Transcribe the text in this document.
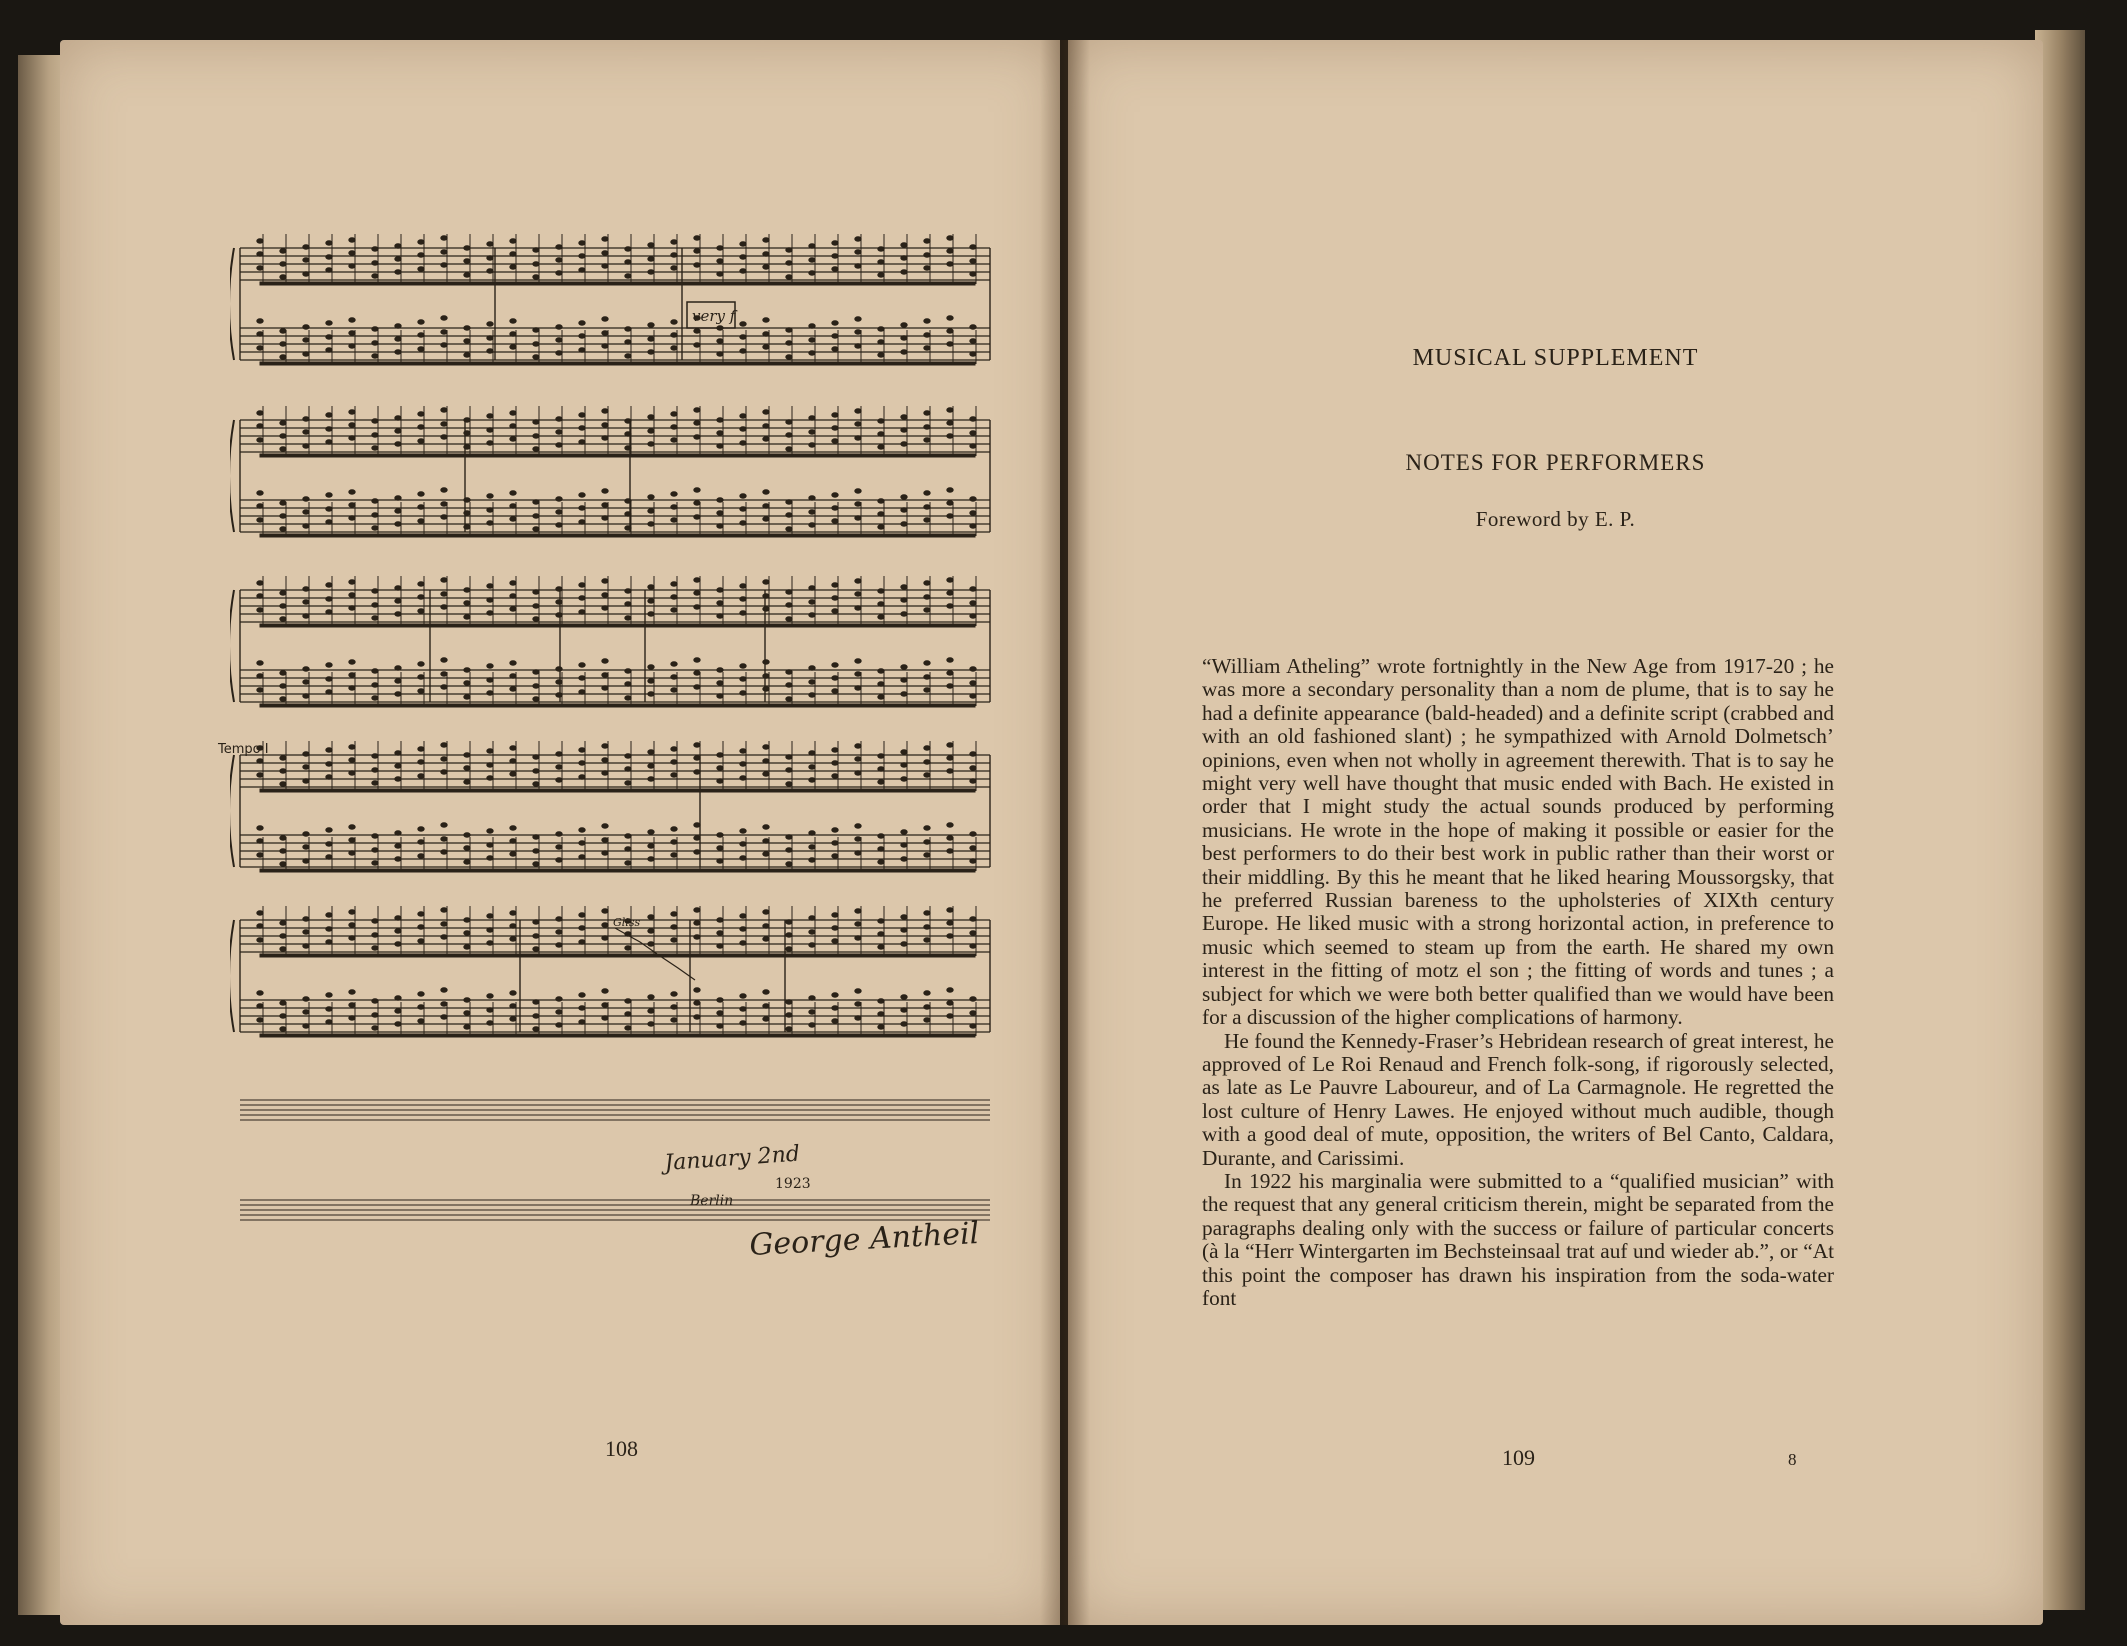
very f
Gliss
January 2nd
1923
Berlin
George Antheil
Tempo I
108
MUSICAL SUPPLEMENT
NOTES FOR PERFORMERS
Foreword by E. P.

“William Atheling” wrote fortnightly in the New Age from 1917-20 ; he was more a secondary personality than a nom de plume, that is to say he had a definite appearance (bald-headed) and a definite script (crabbed and with an old fashioned slant) ; he sympathized with Arnold Dolmetsch’ opinions, even when not wholly in agreement therewith. That is to say he might very well have thought that music ended with Bach. He existed in order that I might study the actual sounds produced by performing musicians. He wrote in the hope of making it possible or easier for the best performers to do their best work in public rather than their worst or their middling. By this he meant that he liked hearing Moussorgsky, that he preferred Russian bareness to the upholsteries of XIXth century Europe. He liked music with a strong horizontal action, in preference to music which seemed to steam up from the earth. He shared my own interest in the fitting of motz el son ; the fitting of words and tunes ; a subject for which we were both better qualified than we would have been for a discussion of the higher complications of harmony.

He found the Kennedy-Fraser’s Hebridean research of great interest, he approved of Le Roi Renaud and French folk-song, if rigorously selected, as late as Le Pauvre Laboureur, and of La Carmagnole. He regretted the lost culture of Henry Lawes. He enjoyed without much audible, though with a good deal of mute, opposition, the writers of Bel Canto, Caldara, Durante, and Carissimi.

In 1922 his marginalia were submitted to a “qualified musician” with the request that any general criticism therein, might be separated from the paragraphs dealing only with the success or failure of particular concerts (à la “Herr Wintergarten im Bechsteinsaal trat auf und wieder ab.”, or “At this point the composer has drawn his inspiration from the soda-water font

109	8
